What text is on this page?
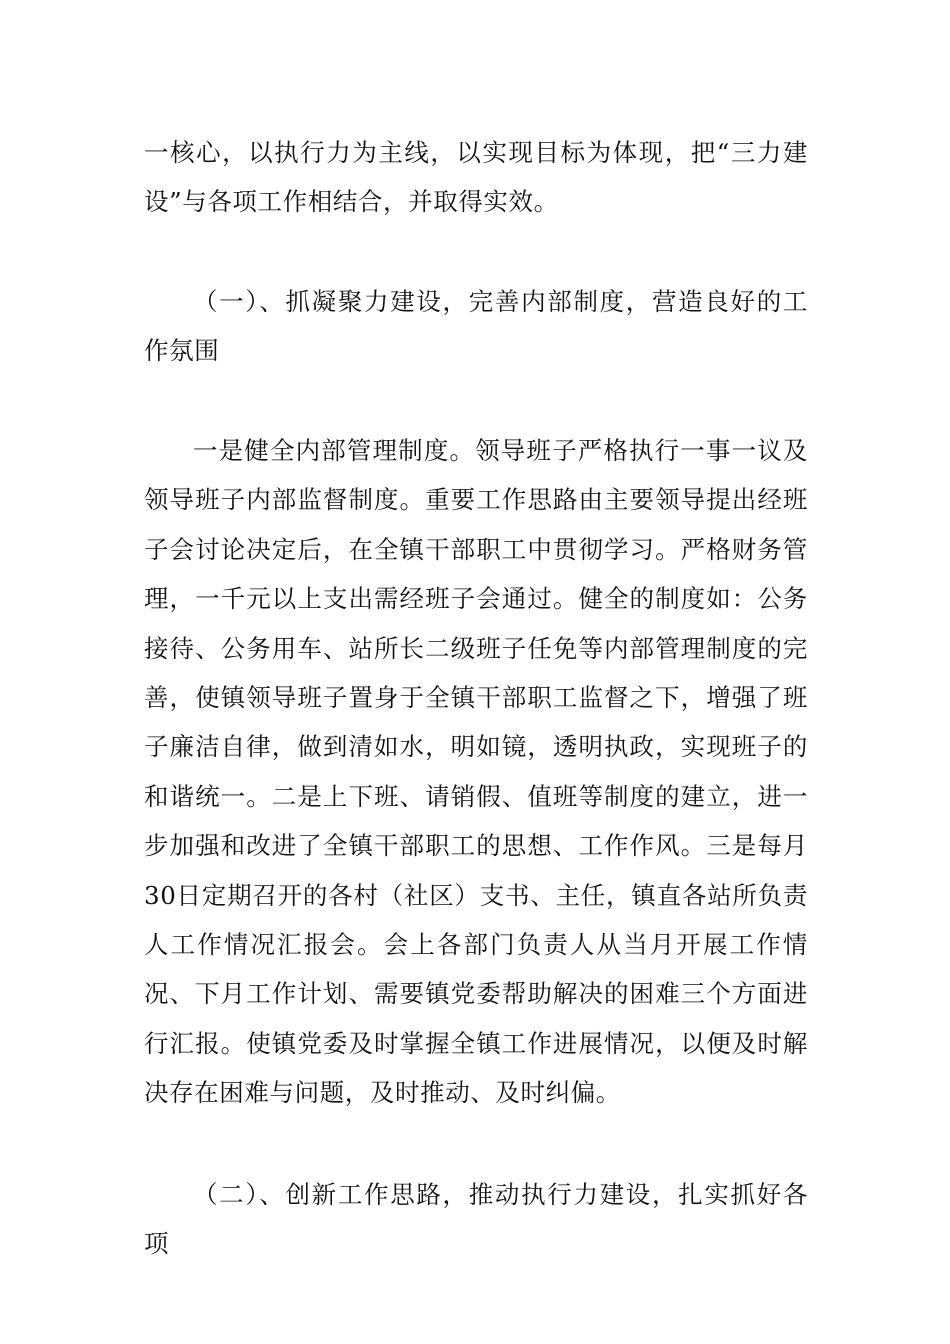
一核心，以执行力为主线，以实现目标为体现，把“三力建设”与各项工作相结合，并取得实效。

（一）、抓凝聚力建设，完善内部制度，营造良好的工作氛围

一是健全内部管理制度。领导班子严格执行一事一议及领导班子内部监督制度。重要工作思路由主要领导提出经班子会讨论决定后，在全镇干部职工中贯彻学习。严格财务管理，一千元以上支出需经班子会通过。健全的制度如：公务接待、公务用车、站所长二级班子任免等内部管理制度的完善，使镇领导班子置身于全镇干部职工监督之下，增强了班子廉洁自律，做到清如水，明如镜，透明执政，实现班子的和谐统一。二是上下班、请销假、值班等制度的建立，进一步加强和改进了全镇干部职工的思想、工作作风。三是每月30日定期召开的各村（社区）支书、主任，镇直各站所负责人工作情况汇报会。会上各部门负责人从当月开展工作情况、下月工作计划、需要镇党委帮助解决的困难三个方面进行汇报。使镇党委及时掌握全镇工作进展情况，以便及时解决存在困难与问题，及时推动、及时纠偏。

（二）、创新工作思路，推动执行力建设，扎实抓好各项
